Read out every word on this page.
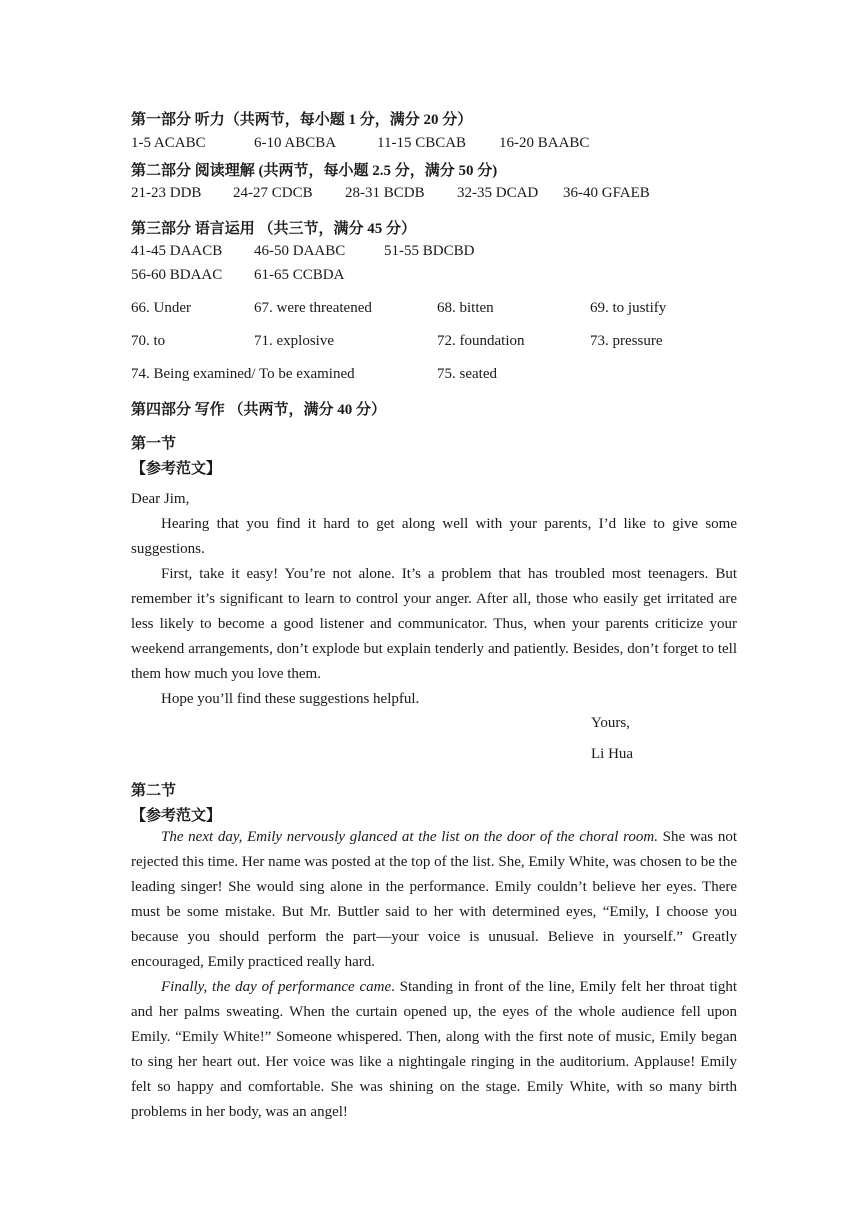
第一部分 听力（共两节，每小题 1 分，满分 20 分）
1-5 ACABC	6-10 ABCBA	11-15 CBCAB 16-20 BAABC
第二部分 阅读理解 (共两节，每小题 2.5 分，满分 50 分)
21-23 DDB 24-27 CDCB 28-31 BCDB 32-35 DCAD 36-40 GFAEB
第三部分 语言运用 （共三节，满分 45 分）
41-45 DAACB 46-50 DAABC	51-55 BDCBD
56-60 BDAAC 61-65 CCBDA
66. Under	67. were threatened	68. bitten	69. to justify
70. to	71. explosive	72. foundation	73. pressure
74. Being examined/ To be examined	75. seated
第四部分 写作 （共两节，满分 40 分）
第一节
【参考范文】
Dear Jim,
Hearing that you find it hard to get along well with your parents, I’d like to give some suggestions.
First, take it easy! You’re not alone. It’s a problem that has troubled most teenagers. But remember it’s significant to learn to control your anger. After all, those who easily get irritated are less likely to become a good listener and communicator. Thus, when your parents criticize your weekend arrangements, don’t explode but explain tenderly and patiently. Besides, don’t forget to tell them how much you love them.
Hope you’ll find these suggestions helpful.
Yours,
Li Hua
第二节
【参考范文】
The next day, Emily nervously glanced at the list on the door of the choral room. She was not rejected this time. Her name was posted at the top of the list. She, Emily White, was chosen to be the leading singer! She would sing alone in the performance. Emily couldn’t believe her eyes. There must be some mistake. But Mr. Buttler said to her with determined eyes, “Emily, I choose you because you should perform the part—your voice is unusual. Believe in yourself.” Greatly encouraged, Emily practiced really hard.
Finally, the day of performance came. Standing in front of the line, Emily felt her throat tight and her palms sweating. When the curtain opened up, the eyes of the whole audience fell upon Emily. “Emily White!” Someone whispered. Then, along with the first note of music, Emily began to sing her heart out. Her voice was like a nightingale ringing in the auditorium. Applause! Emily felt so happy and comfortable. She was shining on the stage. Emily White, with so many birth problems in her body, was an angel!
